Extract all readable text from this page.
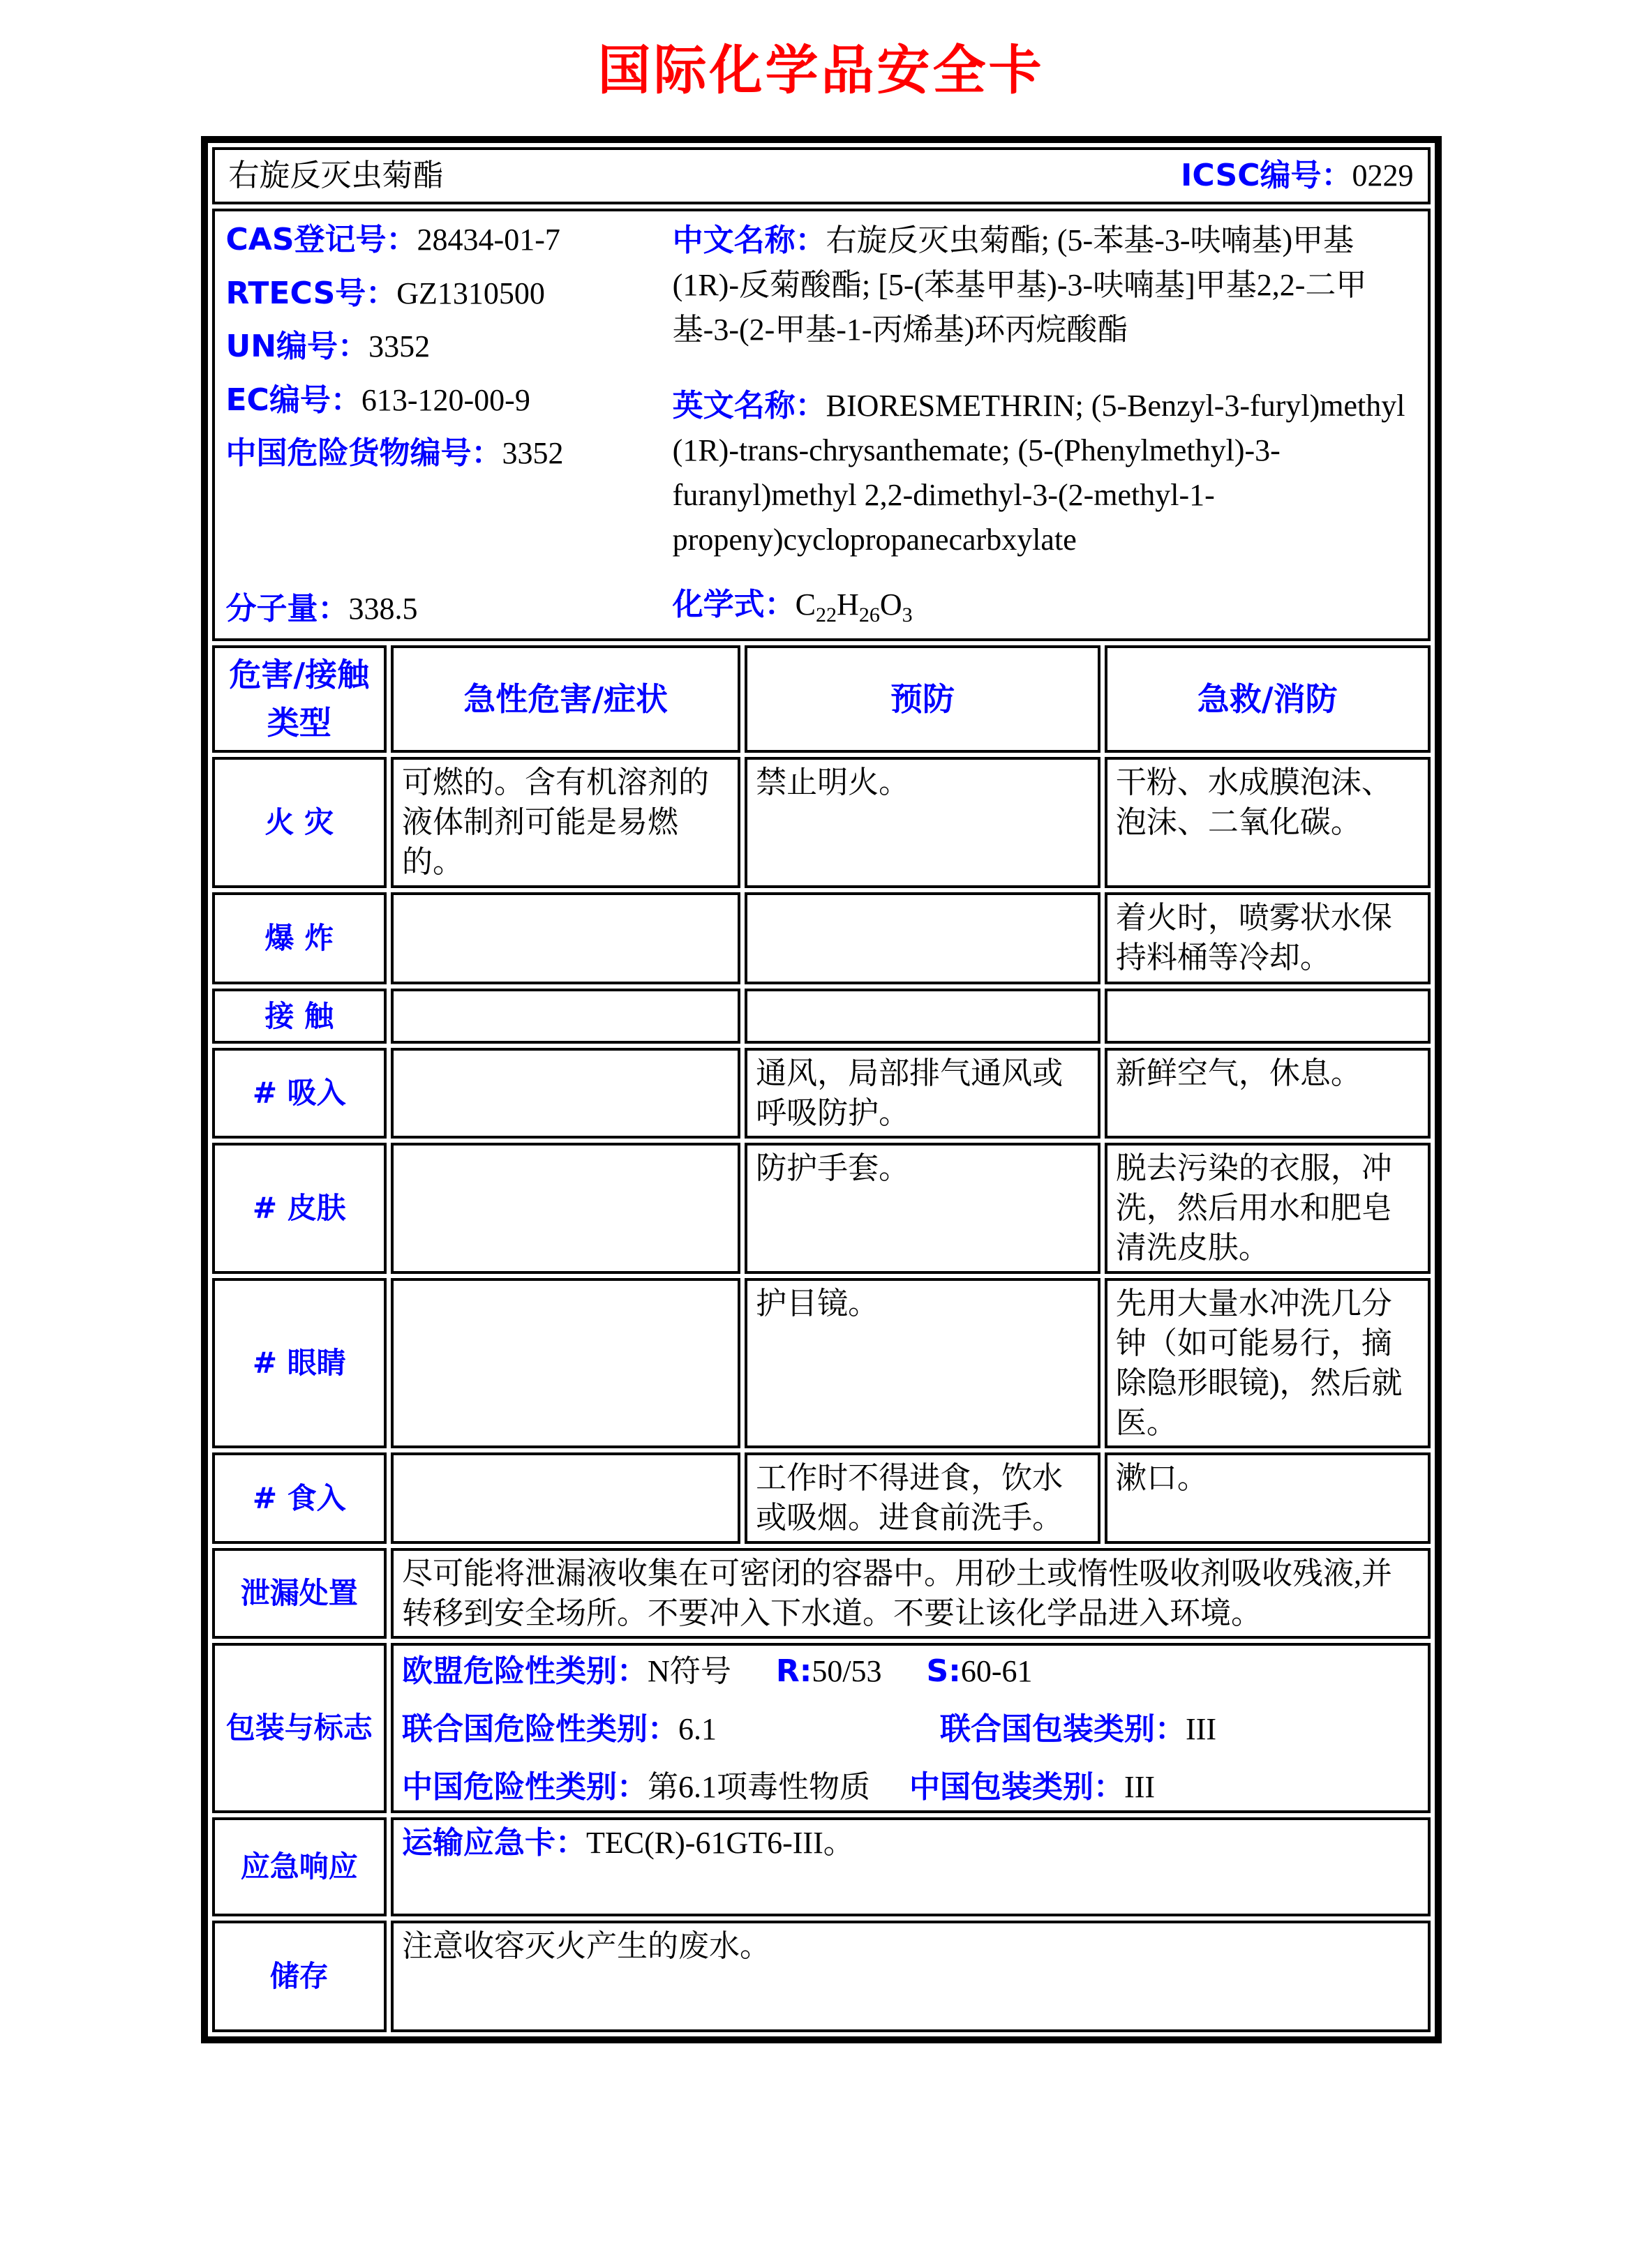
国际化学品安全卡
右旋反灭虫菊酯 ICSC编号：0229			

CAS登记号：28434-01-7
RTECS号：GZ1310500
UN编号：3352
EC编号：613-120-00-9
中国危险货物编号：3352
分子量：338.5

中文名称：右旋反灭虫菊酯; (5-苯基-3-呋喃基)甲基(1R)-反菊酸酯; [5-(苯基甲基)-3-呋喃基]甲基2,2-二甲基-3-(2-甲基-1-丙烯基)环丙烷酸酯

英文名称：BIORESMETHRIN; (5-Benzyl-3-furyl)methyl (1R)-trans-chrysanthemate; (5-(Phenylmethyl)-3-furanyl)methyl 2,2-dimethyl-3-(2-methyl-1-propeny)cyclopropanecarbxylate

化学式：$C_{22}H_{26}O_3$

危害/接触类型	急性危害/症状	预防	急救/消防
火 灾	可燃的。含有机溶剂的液体制剂可能是易燃的。	禁止明火。	干粉、水成膜泡沫、泡沫、二氧化碳。
爆 炸			着火时，喷雾状水保持料桶等冷却。
接 触			
# 吸入		通风，局部排气通风或呼吸防护。	新鲜空气，休息。
# 皮肤		防护手套。	脱去污染的衣服，冲洗，然后用水和肥皂清洗皮肤。
# 眼睛		护目镜。	先用大量水冲洗几分钟（如可能易行，摘除隐形眼镜)，然后就医。
# 食入		工作时不得进食，饮水或吸烟。进食前洗手。	漱口。
泄漏处置	尽可能将泄漏液收集在可密闭的容器中。用砂土或惰性吸收剂吸收残液,并转移到安全场所。不要冲入下水道。不要让该化学品进入环境。		
包装与标志	
欧盟危险性类别：N符号 R:50/53 S:60-61
联合国危险性类别：6.1	联合国包装类别：III
中国危险性类别：第6.1项毒性物质 中国包装类别：III

应急响应	运输应急卡：TEC(R)-61GT6-III。		
储存	注意收容灭火产生的废水。		
